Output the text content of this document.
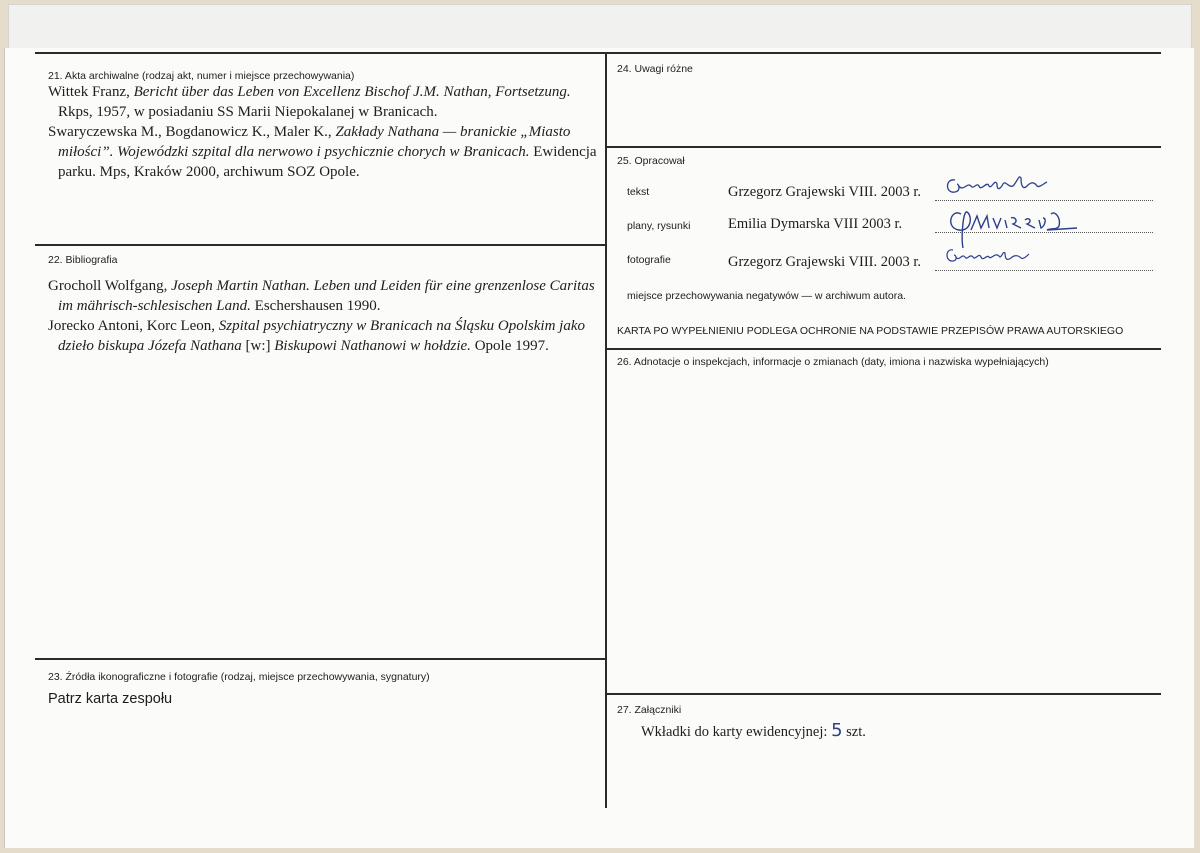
21. Akta archiwalne (rodzaj akt, numer i miejsce przechowywania)

Wittek Franz, Bericht über das Leben von Excellenz Bischof J.M. Nathan, Fortsetzung. Rkps, 1957, w posiadaniu SS Marii Niepokalanej w Branicach.

Swaryczewska M., Bogdanowicz K., Maler K., Zakłady Nathana — branickie „Miasto miłości”. Wojewódzki szpital dla nerwowo i psychicznie chorych w Branicach. Ewidencja parku. Mps, Kraków 2000, archiwum SOZ Opole.

22. Bibliografia

Grocholl Wolfgang, Joseph Martin Nathan. Leben und Leiden für eine grenzenlose Caritas im mährisch-schlesischen Land. Eschershausen 1990.

Jorecko Antoni, Korc Leon, Szpital psychiatryczny w Branicach na Śląsku Opolskim jako dzieło biskupa Józefa Nathana [w:] Biskupowi Nathanowi w hołdzie. Opole 1997.

23. Źródła ikonograficzne i fotografie (rodzaj, miejsce przechowywania, sygnatury)
Patrz karta zespołu
24. Uwagi różne
25. Opracował
tekst	Grzegorz Grajewski VIII. 2003 r.
plany, rysunki	Emilia Dymarska VIII 2003 r.
fotografie	Grzegorz Grajewski VIII. 2003 r.
miejsce przechowywania negatywów — w archiwum autora.
KARTA PO WYPEŁNIENIU PODLEGA OCHRONIE NA PODSTAWIE PRZEPISÓW PRAWA AUTORSKIEGO
26. Adnotacje o inspekcjach, informacje o zmianach (daty, imiona i nazwiska wypełniających)
27. Załączniki
Wkładki do karty ewidencyjnej: 5 szt.
